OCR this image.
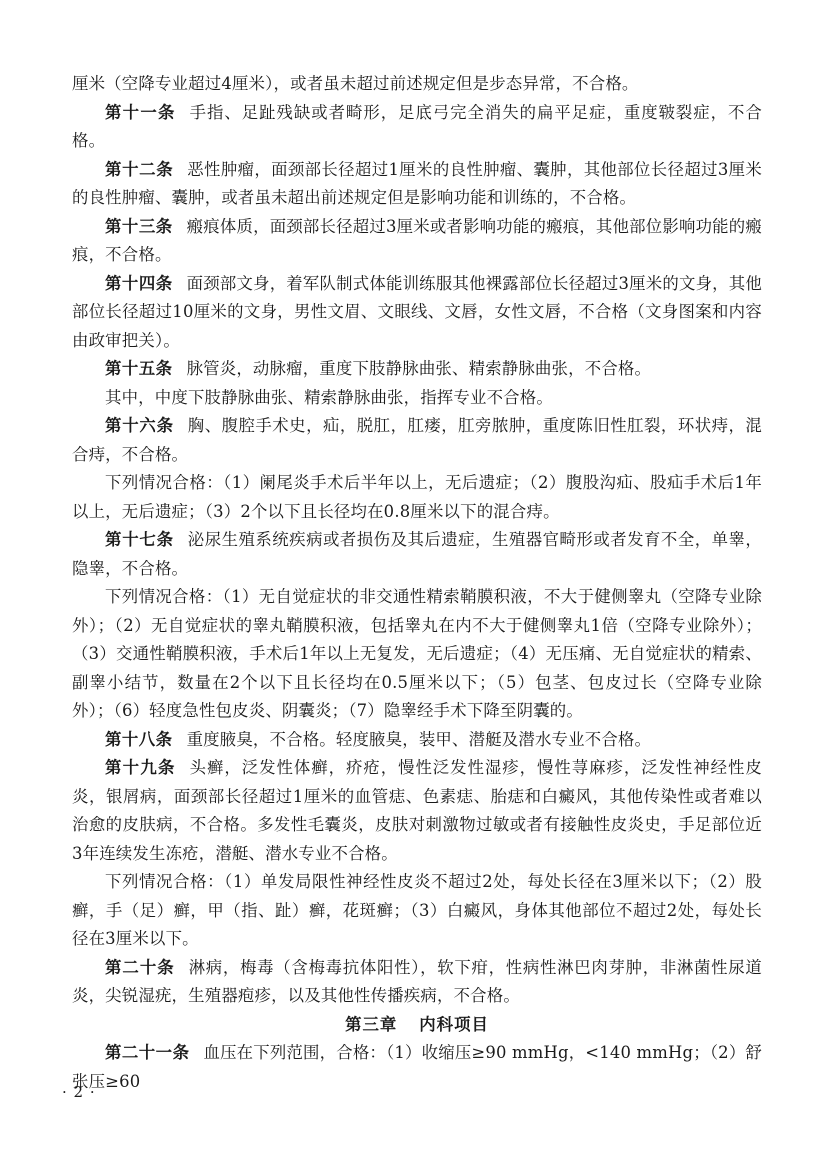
厘米（空降专业超过4厘米），或者虽未超过前述规定但是步态异常，不合格。

第十一条 手指、足趾残缺或者畸形，足底弓完全消失的扁平足症，重度皲裂症，不合格。

第十二条 恶性肿瘤，面颈部长径超过1厘米的良性肿瘤、囊肿，其他部位长径超过3厘米的良性肿瘤、囊肿，或者虽未超出前述规定但是影响功能和训练的，不合格。

第十三条 瘢痕体质，面颈部长径超过3厘米或者影响功能的瘢痕，其他部位影响功能的瘢痕，不合格。

第十四条 面颈部文身，着军队制式体能训练服其他裸露部位长径超过3厘米的文身，其他部位长径超过10厘米的文身，男性文眉、文眼线、文唇，女性文唇，不合格（文身图案和内容由政审把关）。

第十五条 脉管炎，动脉瘤，重度下肢静脉曲张、精索静脉曲张，不合格。

其中，中度下肢静脉曲张、精索静脉曲张，指挥专业不合格。

第十六条 胸、腹腔手术史，疝，脱肛，肛瘘，肛旁脓肿，重度陈旧性肛裂，环状痔，混合痔，不合格。

下列情况合格：（1）阑尾炎手术后半年以上，无后遗症；（2）腹股沟疝、股疝手术后1年以上，无后遗症；（3）2个以下且长径均在0.8厘米以下的混合痔。

第十七条 泌尿生殖系统疾病或者损伤及其后遗症，生殖器官畸形或者发育不全，单睾，隐睾，不合格。

下列情况合格：（1）无自觉症状的非交通性精索鞘膜积液，不大于健侧睾丸（空降专业除外）；（2）无自觉症状的睾丸鞘膜积液，包括睾丸在内不大于健侧睾丸1倍（空降专业除外）；（3）交通性鞘膜积液，手术后1年以上无复发，无后遗症；（4）无压痛、无自觉症状的精索、副睾小结节，数量在2个以下且长径均在0.5厘米以下；（5）包茎、包皮过长（空降专业除外）；（6）轻度急性包皮炎、阴囊炎；（7）隐睾经手术下降至阴囊的。

第十八条 重度腋臭，不合格。轻度腋臭，装甲、潜艇及潜水专业不合格。

第十九条 头癣，泛发性体癣，疥疮，慢性泛发性湿疹，慢性荨麻疹，泛发性神经性皮炎，银屑病，面颈部长径超过1厘米的血管痣、色素痣、胎痣和白癜风，其他传染性或者难以治愈的皮肤病，不合格。多发性毛囊炎，皮肤对刺激物过敏或者有接触性皮炎史，手足部位近3年连续发生冻疮，潜艇、潜水专业不合格。

下列情况合格：（1）单发局限性神经性皮炎不超过2处，每处长径在3厘米以下；（2）股癣，手（足）癣，甲（指、趾）癣，花斑癣；（3）白癜风，身体其他部位不超过2处，每处长径在3厘米以下。

第二十条 淋病，梅毒（含梅毒抗体阳性），软下疳，性病性淋巴肉芽肿，非淋菌性尿道炎，尖锐湿疣，生殖器疱疹，以及其他性传播疾病，不合格。

第三章 内科项目

第二十一条 血压在下列范围，合格：（1）收缩压≥90 mmHg，<140 mmHg；（2）舒张压≥60

· 2 ·
